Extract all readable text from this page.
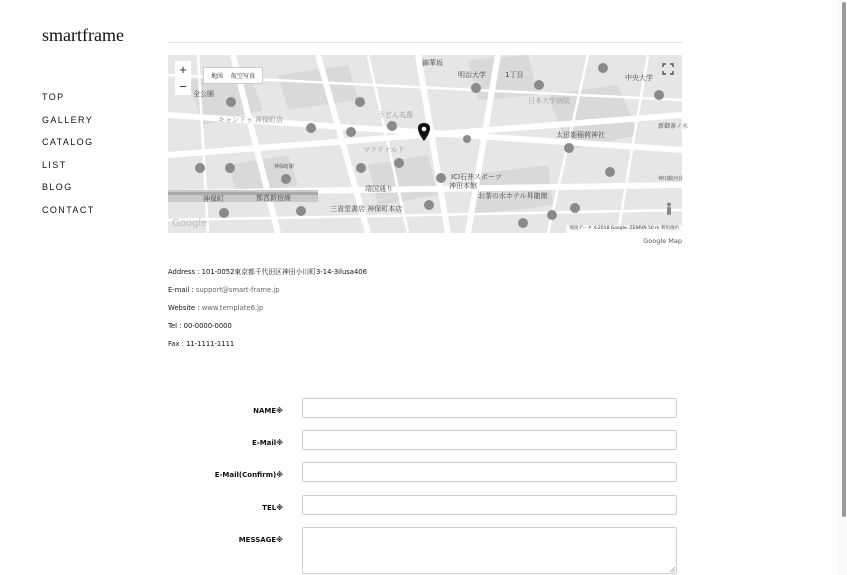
smartframe
TOP
GALLERY
CATALOG
LIST
BLOG
CONTACT
錦華坂
明治大学	1丁目	中央大学
全公園
日本大学病院
キャンドゥ 神保町店
うどん丸香
マクドナルド
太田姫稲荷神社
神田駿河台
神保町駅
ICI石井スポーツ
神田本館
お茶の水ホテル昇龍館
靖国通り
三省堂書店 神保町本店
新御茶ノ水
都営新宿線
神保町
Google
+
−
地図 航空写真
地図データ ©2018 Google, ZENRIN 50 m 利用規約
Google Map
Address : 101-0052東京都千代田区神田小川町3-14-3ilusa406
E-mail : support@smart-frame.jp
Website : www.template6.jp
Tel : 00-0000-0000
Fax : 11-1111-1111
NAME※
E-Mail※
E-Mail(Confirm)※
TEL※
MESSAGE※
